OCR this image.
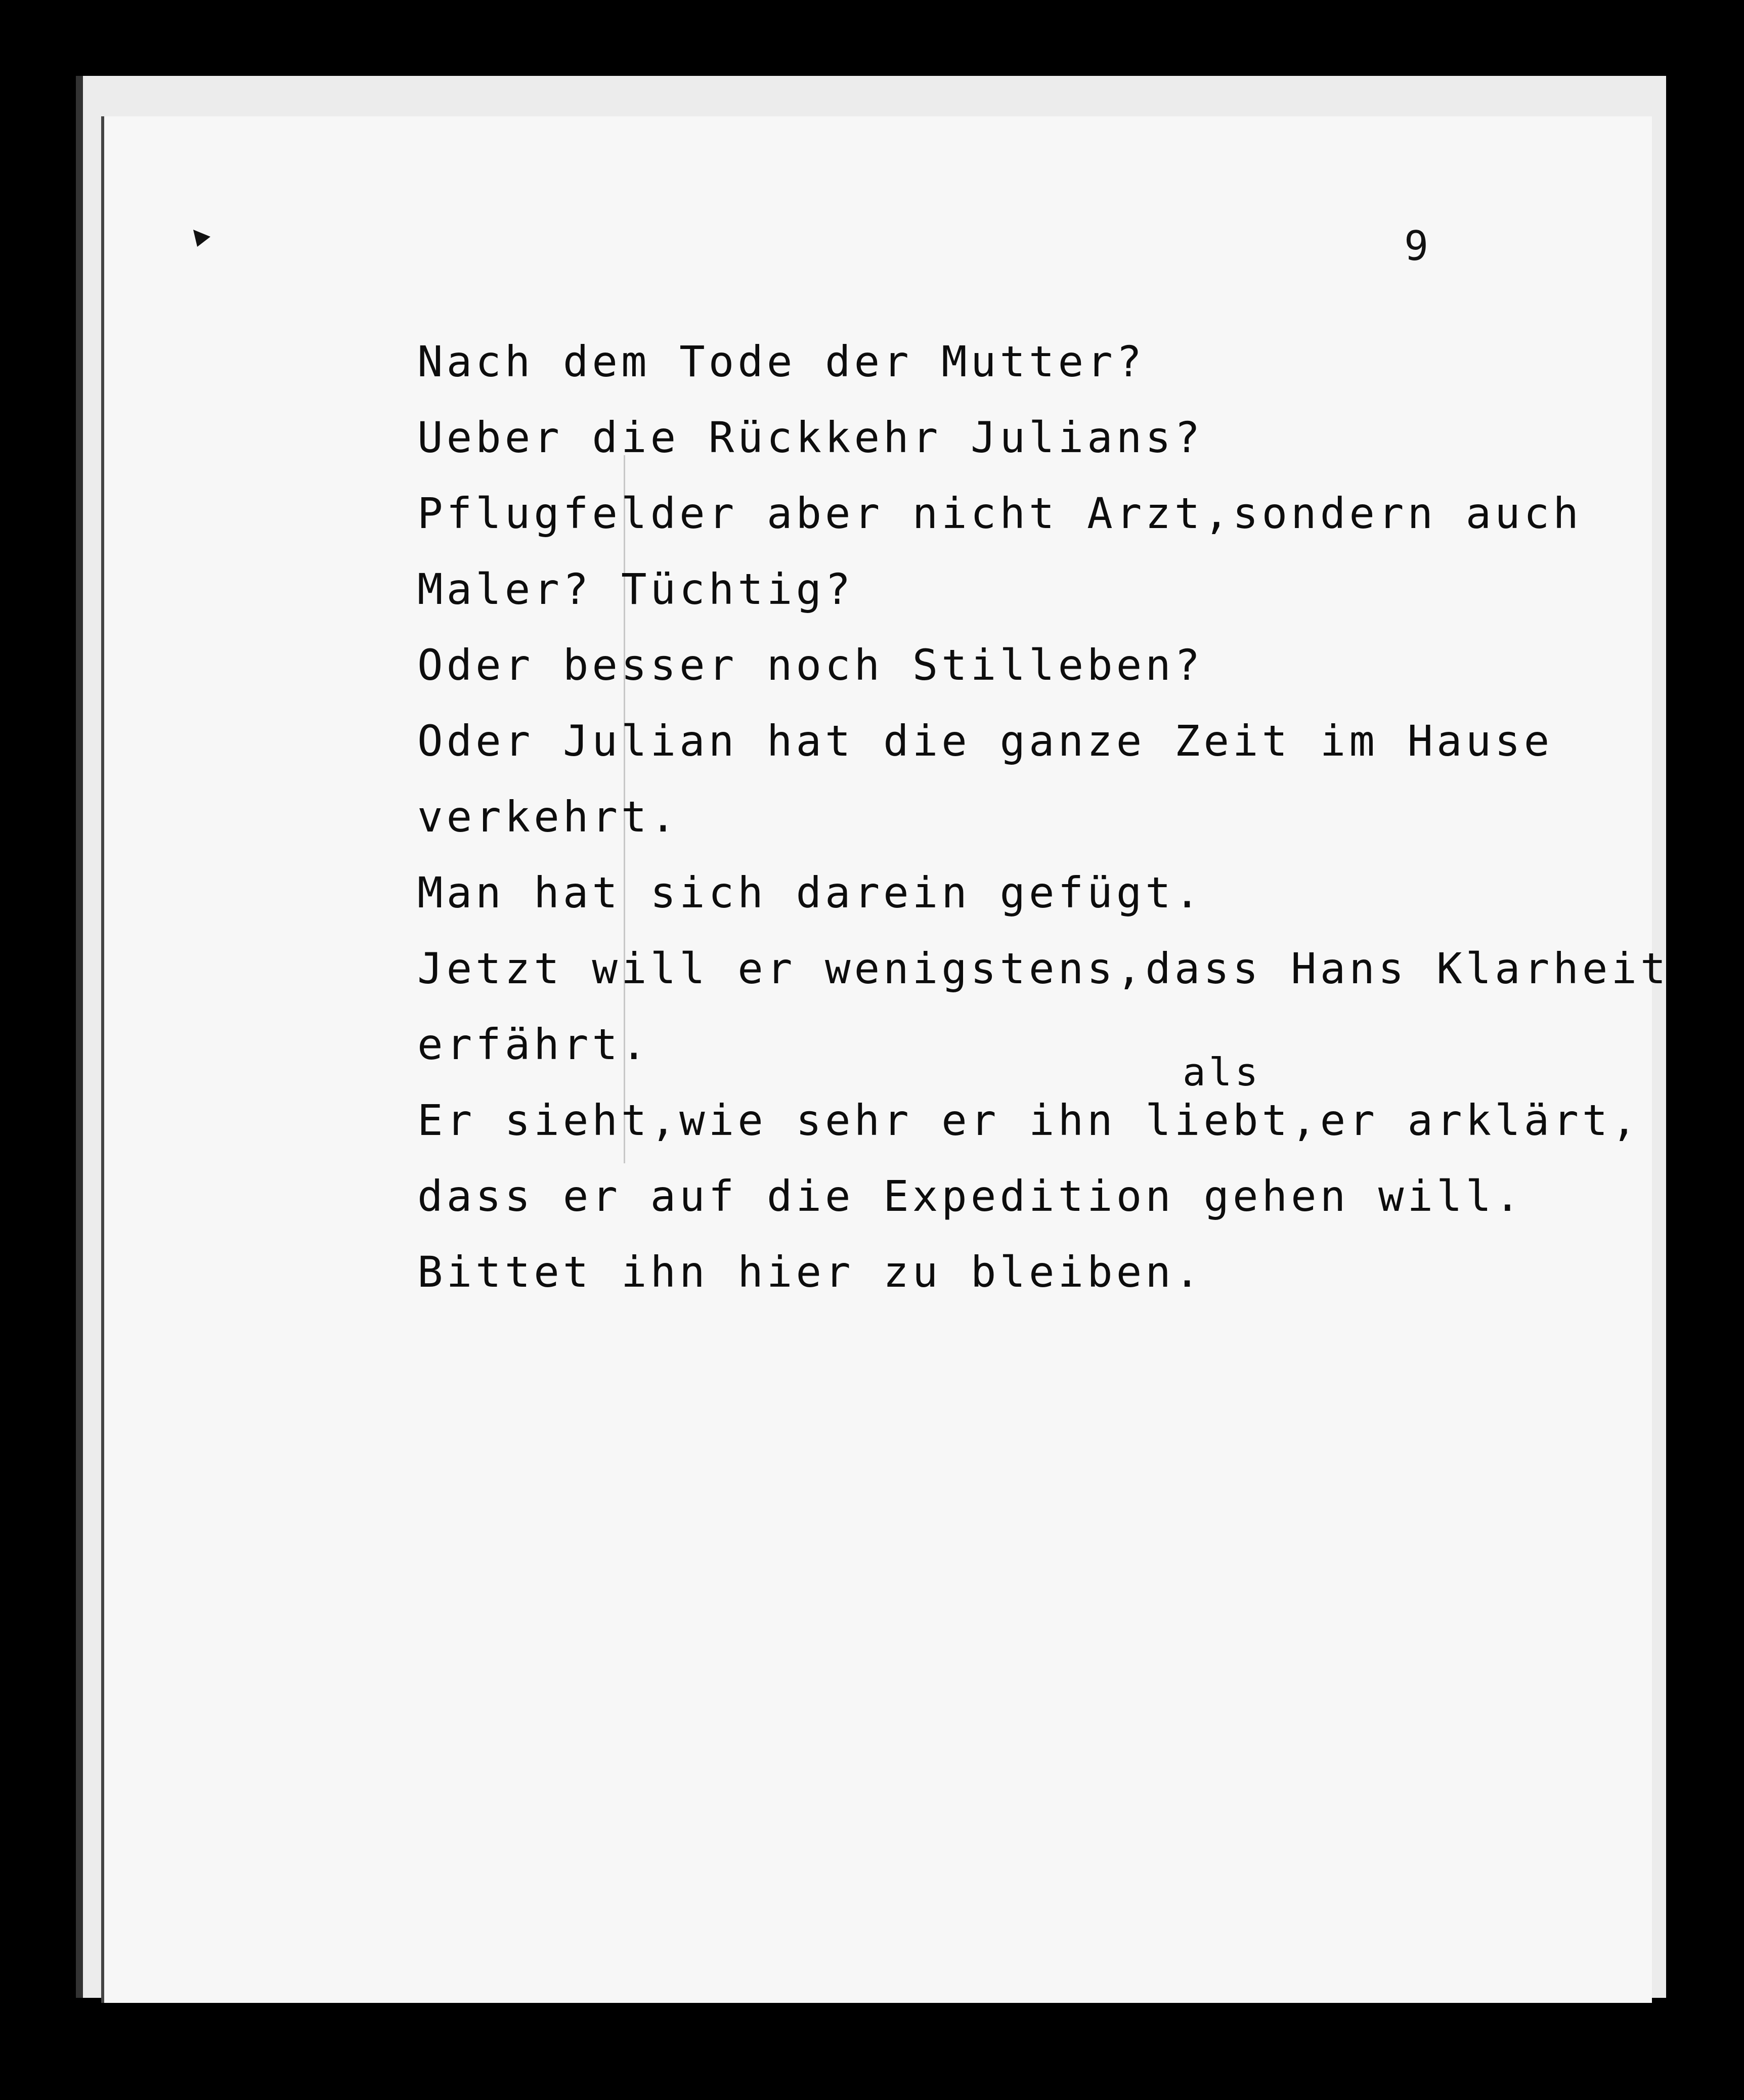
9
Nach dem Tode der Mutter?
Ueber die Rückkehr Julians?
Pflugfelder aber nicht Arzt,sondern auch
Maler? Tüchtig?
Oder besser noch Stilleben?
Oder Julian hat die ganze Zeit im Hause
verkehrt.
Man hat sich darein gefügt.
Jetzt will er wenigstens,dass Hans Klarheit
erfährt.
Er sieht,wie sehr er ihn liebt,er arklärt,
dass er auf die Expedition gehen will.
Bittet ihn hier zu bleiben.
als
